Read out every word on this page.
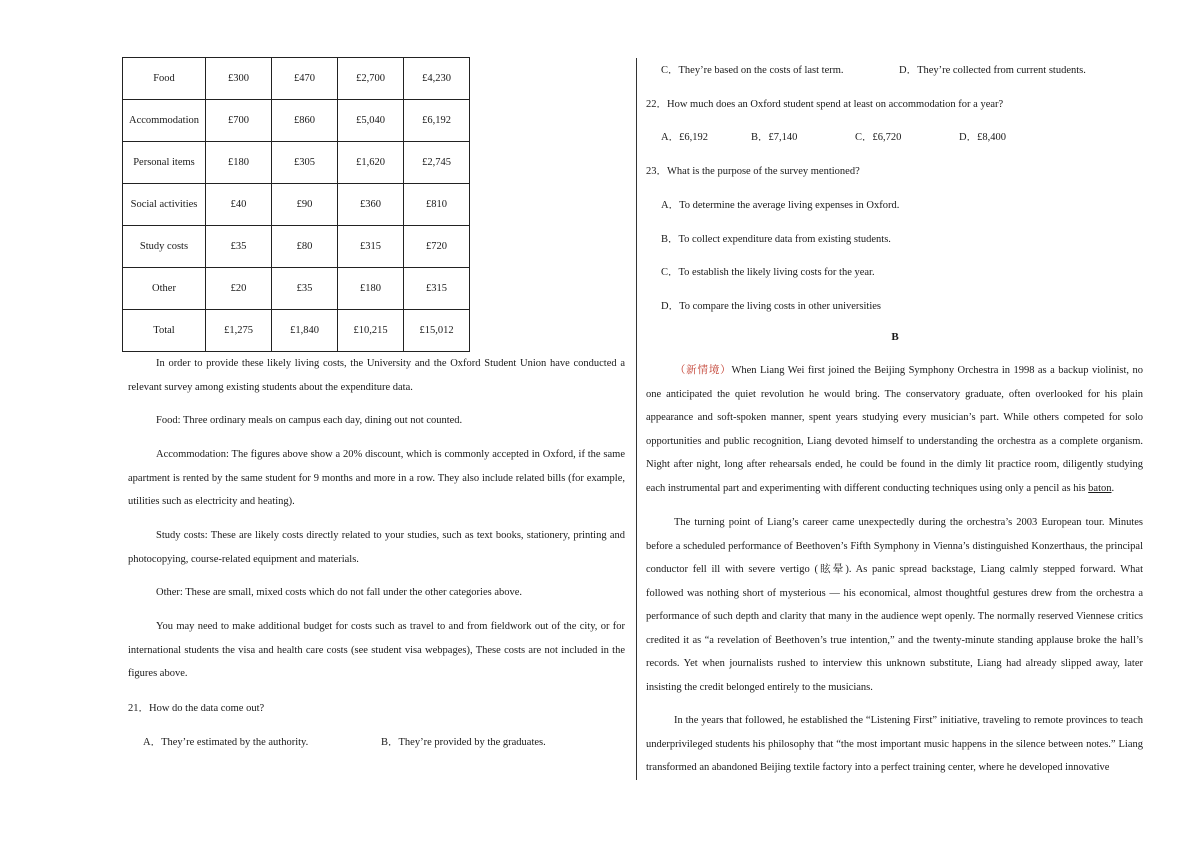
Food	£300	£470	£2,700	£4,230
Accommodation	£700	£860	£5,040	£6,192
Personal items	£180	£305	£1,620	£2,745
Social activities	£40	£90	£360	£810
Study costs	£35	£80	£315	£720
Other	£20	£35	£180	£315
Total	£1,275	£1,840	£10,215	£15,012
In order to provide these likely living costs, the University and the Oxford Student Union have conducted a relevant survey among existing students about the expenditure data.
Food: Three ordinary meals on campus each day, dining out not counted.
Accommodation: The figures above show a 20% discount, which is commonly accepted in Oxford, if the same apartment is rented by the same student for 9 months and more in a row. They also include related bills (for example, utilities such as electricity and heating).
Study costs: These are likely costs directly related to your studies, such as text books, stationery, printing and photocopying, course-related equipment and materials.
Other: These are small, mixed costs which do not fall under the other categories above.
You may need to make additional budget for costs such as travel to and from fieldwork out of the city, or for international students the visa and health care costs (see student visa webpages), These costs are not included in the figures above.
21．How do the data come out?
A．They’re estimated by the authority.	B．They’re provided by the graduates.
C．They’re based on the costs of last term.	D．They’re collected from current students.
22．How much does an Oxford student spend at least on accommodation for a year?
A．£6,192	B．£7,140	C．£6,720	D．£8,400
23．What is the purpose of the survey mentioned?
A．To determine the average living expenses in Oxford.
B．To collect expenditure data from existing students.
C．To establish the likely living costs for the year.
D．To compare the living costs in other universities
B
（新情境）When Liang Wei first joined the Beijing Symphony Orchestra in 1998 as a backup violinist, no one anticipated the quiet revolution he would bring. The conservatory graduate, often overlooked for his plain appearance and soft-spoken manner, spent years studying every musician’s part. While others competed for solo opportunities and public recognition, Liang devoted himself to understanding the orchestra as a complete organism. Night after night, long after rehearsals ended, he could be found in the dimly lit practice room, diligently studying each instrumental part and experimenting with different conducting techniques using only a pencil as his baton.
The turning point of Liang’s career came unexpectedly during the orchestra’s 2003 European tour. Minutes before a scheduled performance of Beethoven’s Fifth Symphony in Vienna’s distinguished Konzerthaus, the principal conductor fell ill with severe vertigo (眩晕). As panic spread backstage, Liang calmly stepped forward. What followed was nothing short of mysterious — his economical, almost thoughtful gestures drew from the orchestra a performance of such depth and clarity that many in the audience wept openly. The normally reserved Viennese critics credited it as “a revelation of Beethoven’s true intention,” and the twenty-minute standing applause broke the hall’s records. Yet when journalists rushed to interview this unknown substitute, Liang had already slipped away, later insisting the credit belonged entirely to the musicians.
In the years that followed, he established the “Listening First” initiative, traveling to remote provinces to teach underprivileged students his philosophy that “the most important music happens in the silence between notes.” Liang transformed an abandoned Beijing textile factory into a perfect training center, where he developed innovative
